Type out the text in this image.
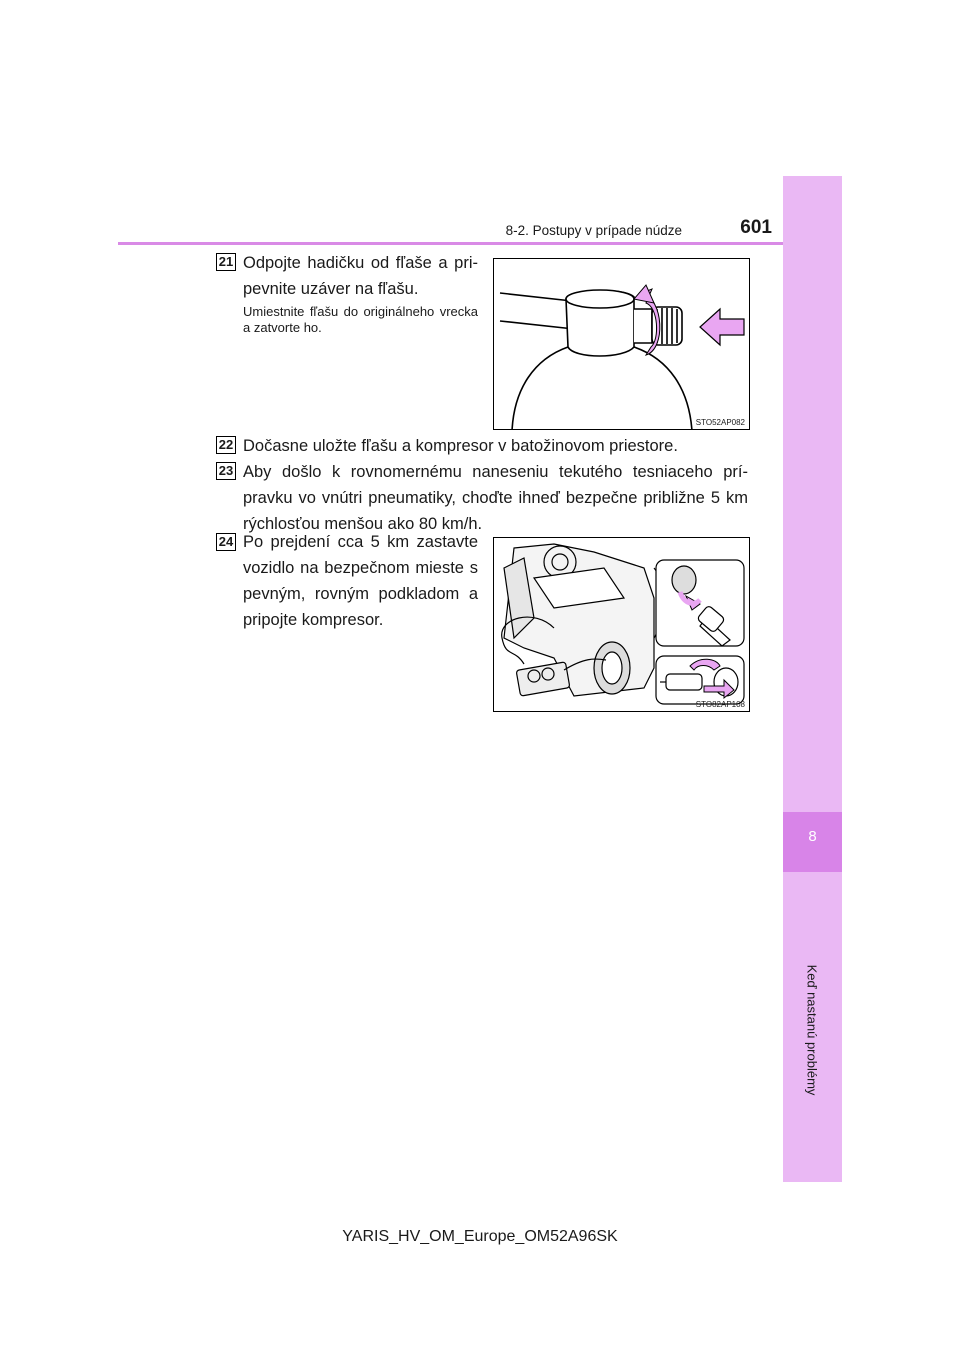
8
Keď nastanú problémy
8-2. Postupy v prípade núdze	601
21 Odpojte hadičku od fľaše a pri-pevnite uzáver na fľašu.
Umiestnite fľašu do originálneho vrecka a zatvorte ho.
STO52AP082
22 Dočasne uložte fľašu a kompresor v batožinovom priestore.
23 Aby došlo k rovnomernému naneseniu tekutého tesniaceho prí-pravku vo vnútri pneumatiky, choďte ihneď bezpečne približne 5 km rýchlosťou menšou ako 80 km/h.
24 Po prejdení cca 5 km zastavte vozidlo na bezpečnom mieste s pevným, rovným podkladom a pripojte kompresor.
STO82AP108
YARIS_HV_OM_Europe_OM52A96SK
